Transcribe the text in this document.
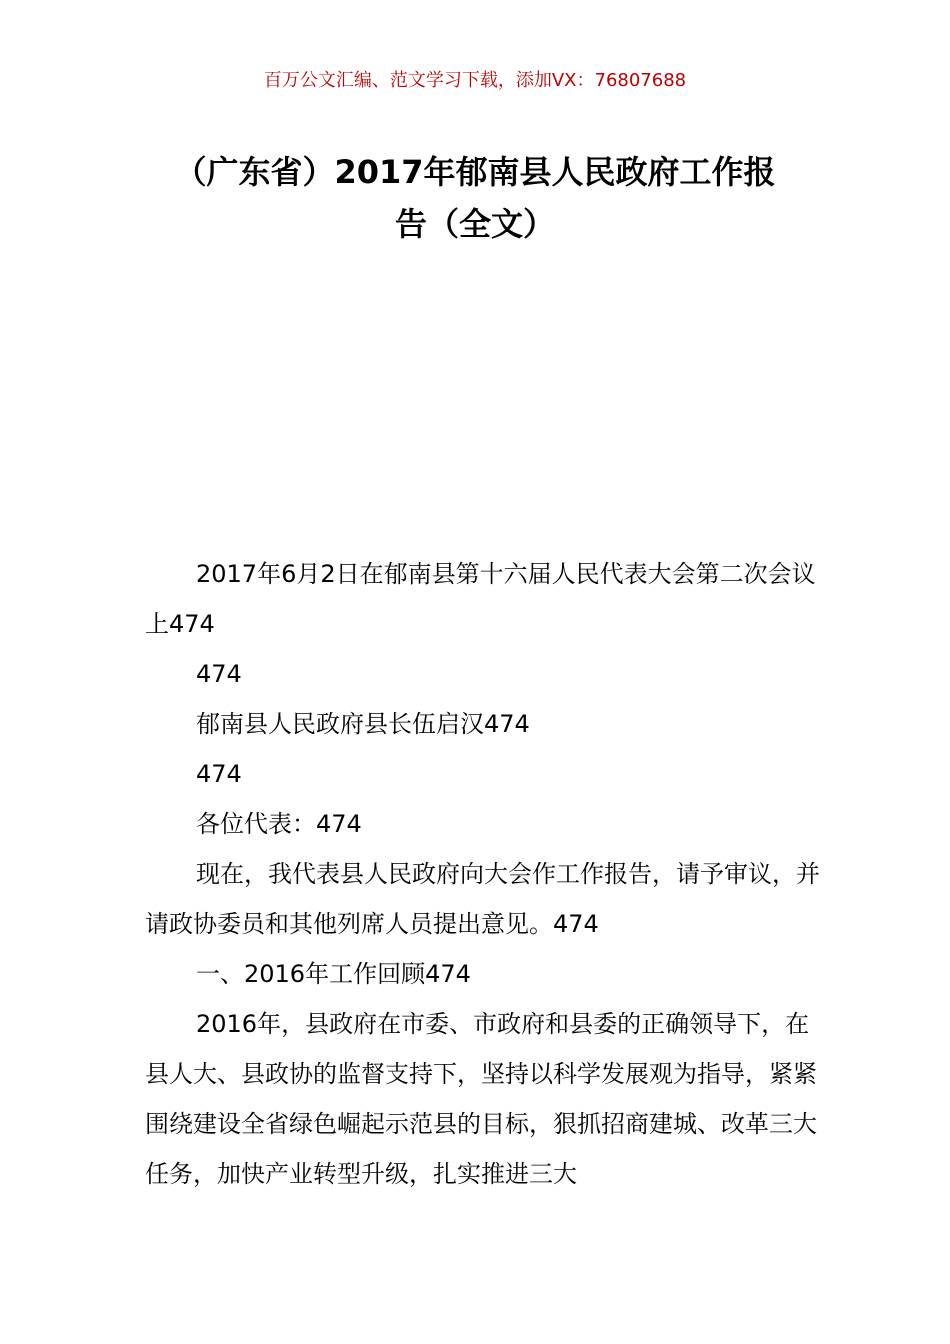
百万公文汇编、范文学习下载，添加VX：76807688
（广东省）2017年郁南县人民政府工作报
告（全文）

2017年6月2日在郁南县第十六届人民代表大会第二次会议上474

474

郁南县人民政府县长伍启汉474

474

各位代表：474

现在，我代表县人民政府向大会作工作报告，请予审议，并请政协委员和其他列席人员提出意见。474

一、2016年工作回顾474

2016年，县政府在市委、市政府和县委的正确领导下，在县人大、县政协的监督支持下，坚持以科学发展观为指导，紧紧围绕建设全省绿色崛起示范县的目标，狠抓招商建城、改革三大任务，加快产业转型升级，扎实推进三大
